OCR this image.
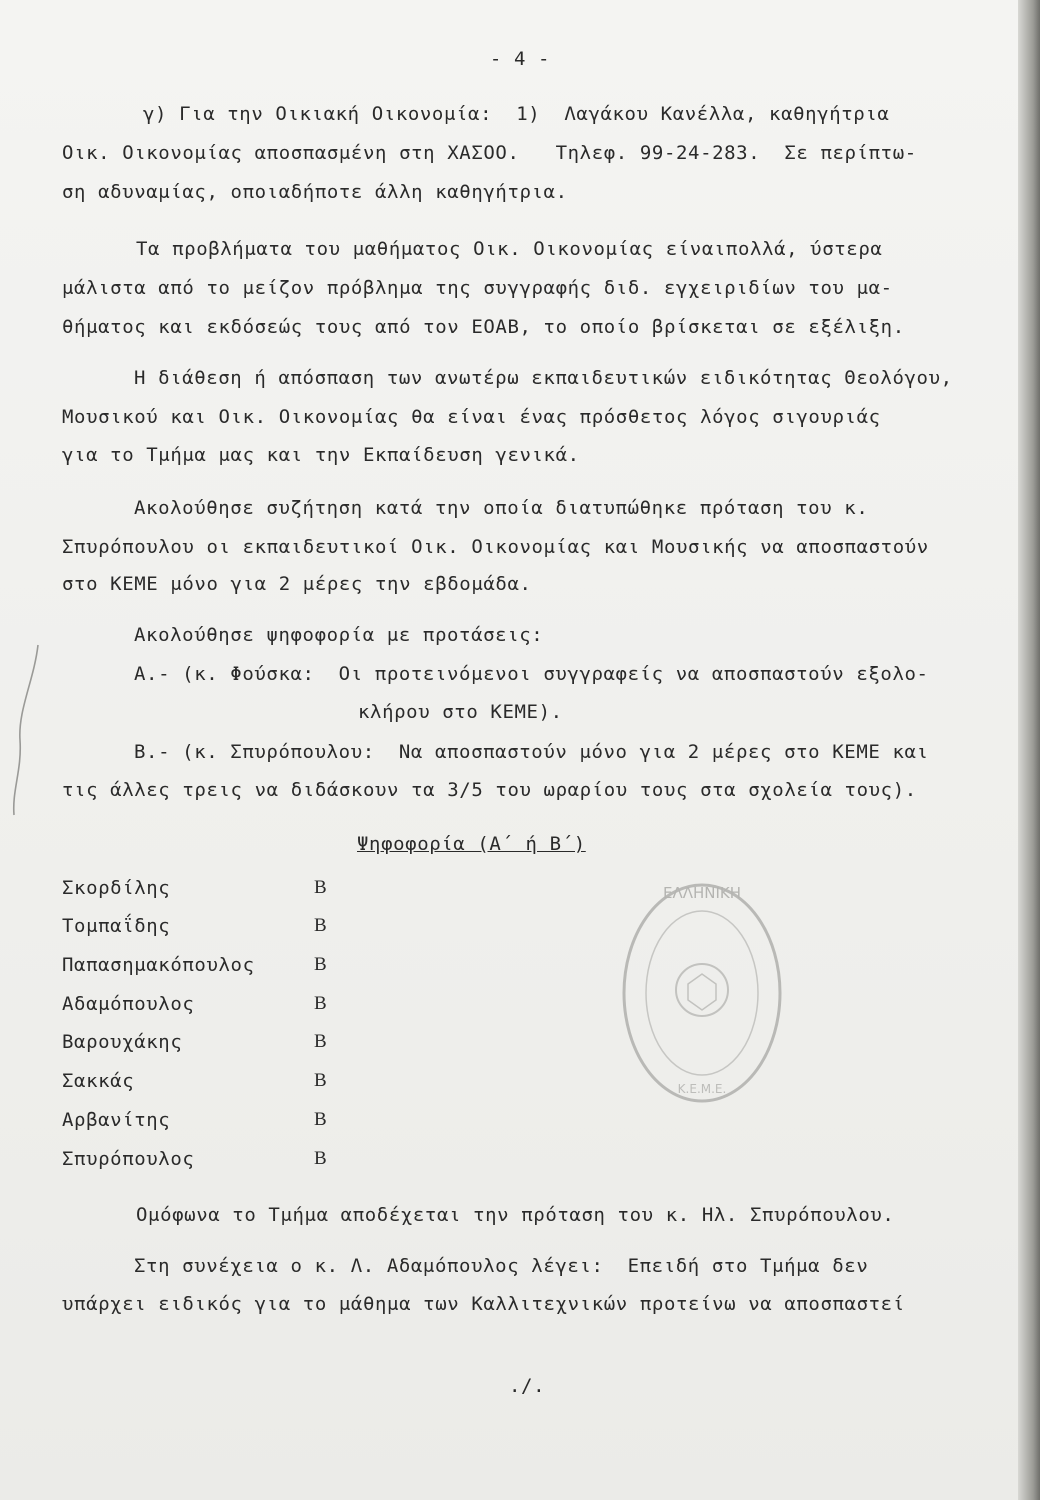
- 4 -
γ) Για την Οικιακή Οικονομία:  1)  Λαγάκου Κανέλλα, καθηγήτρια
Οικ. Οικονομίας αποσπασμένη στη ΧΑΣΟΟ.   Τηλεφ. 99-24-283.  Σε περίπτω-
ση αδυναμίας, οποιαδήποτε άλλη καθηγήτρια.
Τα προβλήματα του μαθήματος Οικ. Οικονομίας είναιπολλά, ύστερα
μάλιστα από το μείζον πρόβλημα της συγγραφής διδ. εγχειριδίων του μα-
θήματος και εκδόσεώς τους από τον ΕΟΑΒ, το οποίο βρίσκεται σε εξέλιξη.
Η διάθεση ή απόσπαση των ανωτέρω εκπαιδευτικών ειδικότητας Θεολόγου,
Μουσικού και Οικ. Οικονομίας θα είναι ένας πρόσθετος λόγος σιγουριάς
για το Τμήμα μας και την Εκπαίδευση γενικά.
Ακολούθησε συζήτηση κατά την οποία διατυπώθηκε πρόταση του κ.
Σπυρόπουλου οι εκπαιδευτικοί Οικ. Οικονομίας και Μουσικής να αποσπαστούν
στο ΚΕΜΕ μόνο για 2 μέρες την εβδομάδα.
Ακολούθησε ψηφοφορία με προτάσεις:
Α.- (κ. Φούσκα:  Οι προτεινόμενοι συγγραφείς να αποσπαστούν εξολο-
κλήρου στο ΚΕΜΕ).
Β.- (κ. Σπυρόπουλου:  Να αποσπαστούν μόνο για 2 μέρες στο ΚΕΜΕ και
τις άλλες τρεις να διδάσκουν τα 3/5 του ωραρίου τους στα σχολεία τους).
Ψηφοφορία (Α΄ ή Β΄)
Σκορδίλης	Β
Τομπαΐδης	Β
Παπασημακόπουλος	Β
Αδαμόπουλος	Β
Βαρουχάκης	Β
Σακκάς	Β
Αρβανίτης	Β
Σπυρόπουλος	Β
ΕΛΛΗΝΙΚΗ
Κ.Ε.Μ.Ε.
Ομόφωνα το Τμήμα αποδέχεται την πρόταση του κ. Ηλ. Σπυρόπουλου.
Στη συνέχεια ο κ. Λ. Αδαμόπουλος λέγει:  Επειδή στο Τμήμα δεν
υπάρχει ειδικός για το μάθημα των Καλλιτεχνικών προτείνω να αποσπαστεί
./.
